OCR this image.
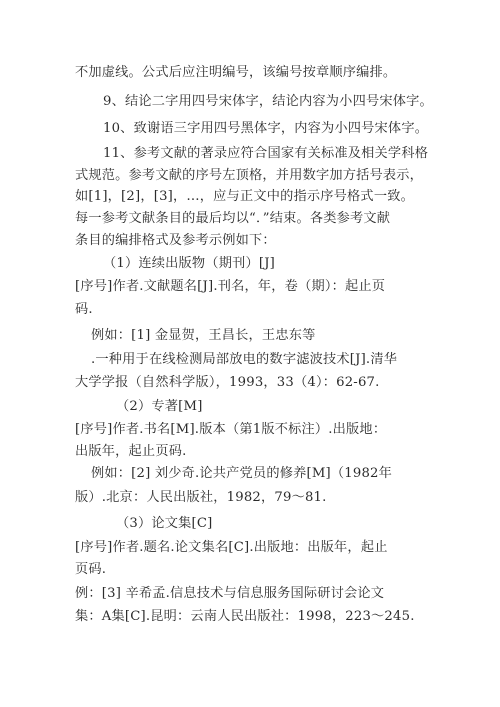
不加虚线。公式后应注明编号，该编号按章顺序编排。
9、结论二字用四号宋体字，结论内容为小四号宋体字。
10、致谢语三字用四号黑体字，内容为小四号宋体字。
11、参考文献的著录应符合国家有关标准及相关学科格
式规范。参考文献的序号左顶格，并用数字加方括号表示，
如[1]，[2]，[3]，…，应与正文中的指示序号格式一致。
每一参考文献条目的最后均以“．”结束。各类参考文献
条目的编排格式及参考示例如下：
（1）连续出版物（期刊）[J]
[序号]作者.文献题名[J].刊名，年，卷（期）：起止页
码.
例如：[1] 金显贺，王昌长，王忠东等
.一种用于在线检测局部放电的数字滤波技术[J].清华
大学学报（自然科学版），1993，33（4）：62-67.
（2）专著[M]
[序号]作者.书名[M].版本（第1版不标注）.出版地：
出版年，起止页码.
例如：[2] 刘少奇.论共产党员的修养[M]（1982年
版）.北京：人民出版社，1982，79～81.
（3）论文集[C]
[序号]作者.题名.论文集名[C].出版地：出版年，起止
页码.
例：[3] 辛希孟.信息技术与信息服务国际研讨会论文
集：A集[C].昆明：云南人民出版社：1998，223～245.
